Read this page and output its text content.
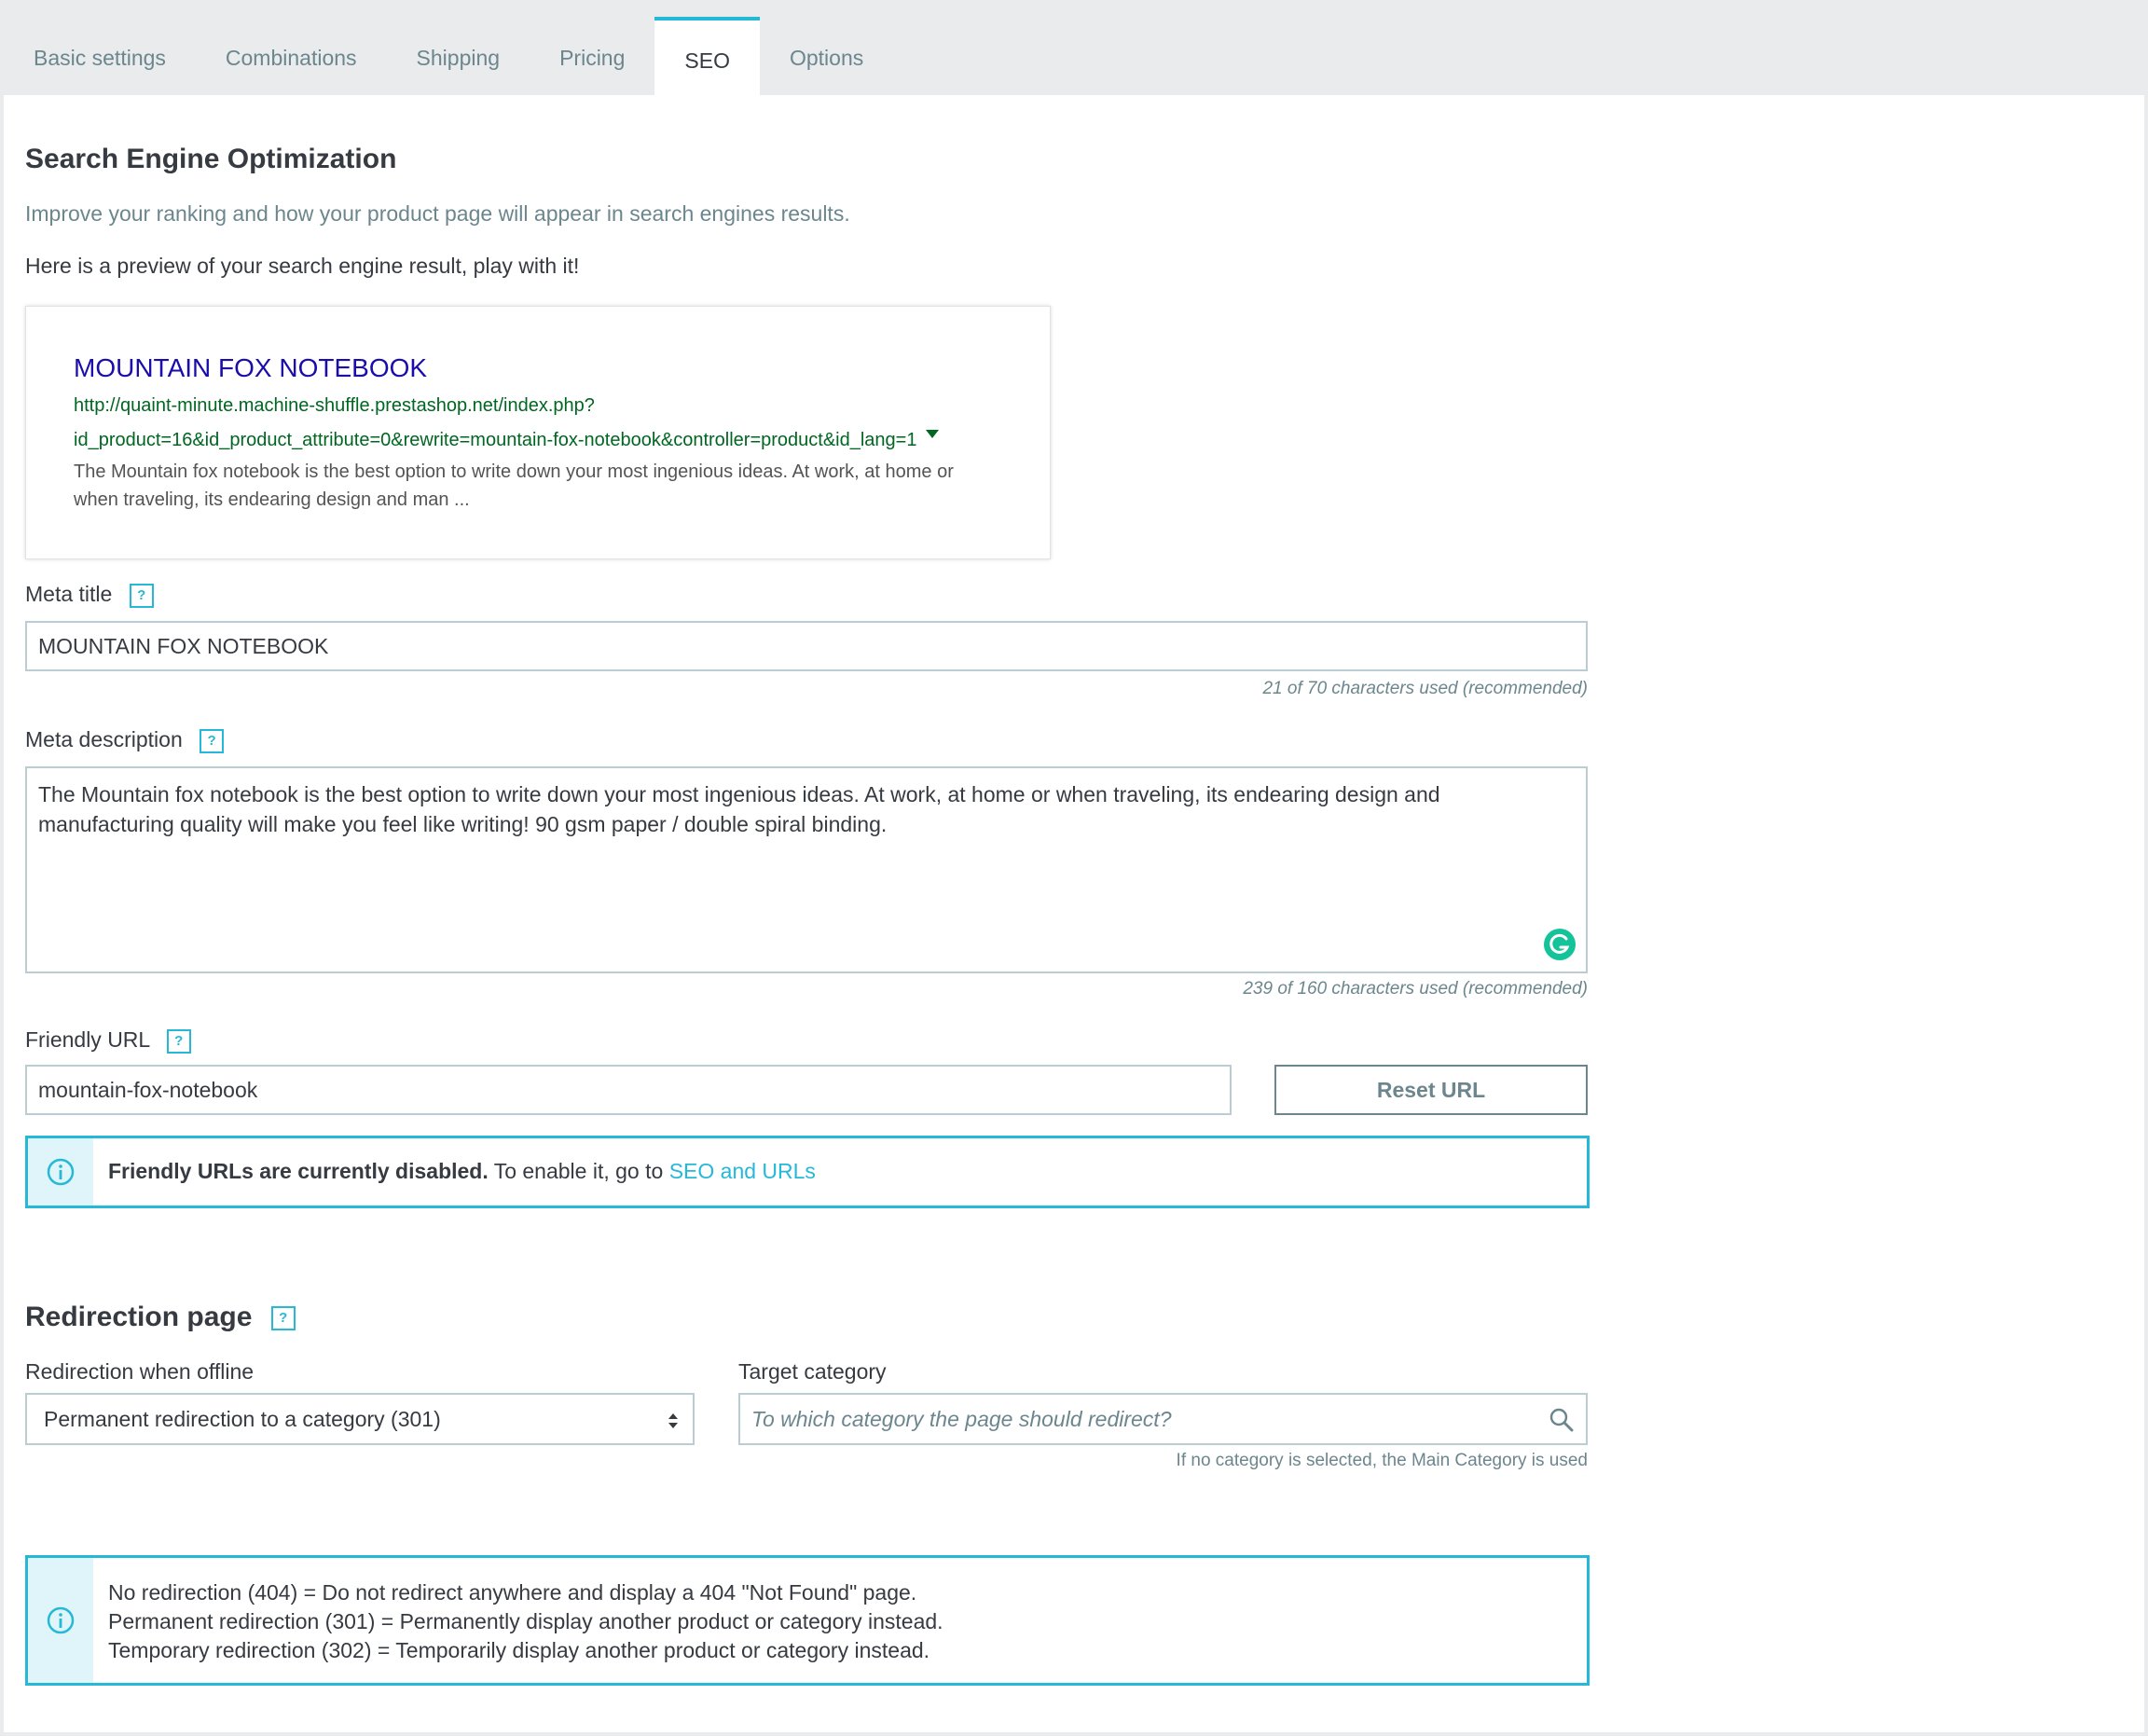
Basic settings	Combinations	Shipping	Pricing	SEO	Options
Search Engine Optimization
Improve your ranking and how your product page will appear in search engines results.
Here is a preview of your search engine result, play with it!
MOUNTAIN FOX NOTEBOOK
http://quaint-minute.machine-shuffle.prestashop.net/index.php?
id_product=16&id_product_attribute=0&rewrite=mountain-fox-notebook&controller=product&id_lang=1
The Mountain fox notebook is the best option to write down your most ingenious ideas. At work, at home or
when traveling, its endearing design and man ...
Meta title ?
MOUNTAIN FOX NOTEBOOK
21 of 70 characters used (recommended)
Meta description ?
The Mountain fox notebook is the best option to write down your most ingenious ideas. At work, at home or when traveling, its endearing design and manufacturing quality will make you feel like writing! 90 gsm paper / double spiral binding.
239 of 160 characters used (recommended)
Friendly URL ?
mountain-fox-notebook	Reset URL
Friendly URLs are currently disabled. To enable it, go to SEO and URLs
Redirection page ?
Redirection when offline
Permanent redirection to a category (301)
Target category
To which category the page should redirect?
If no category is selected, the Main Category is used
No redirection (404) = Do not redirect anywhere and display a 404 "Not Found" page.
Permanent redirection (301) = Permanently display another product or category instead.
Temporary redirection (302) = Temporarily display another product or category instead.
